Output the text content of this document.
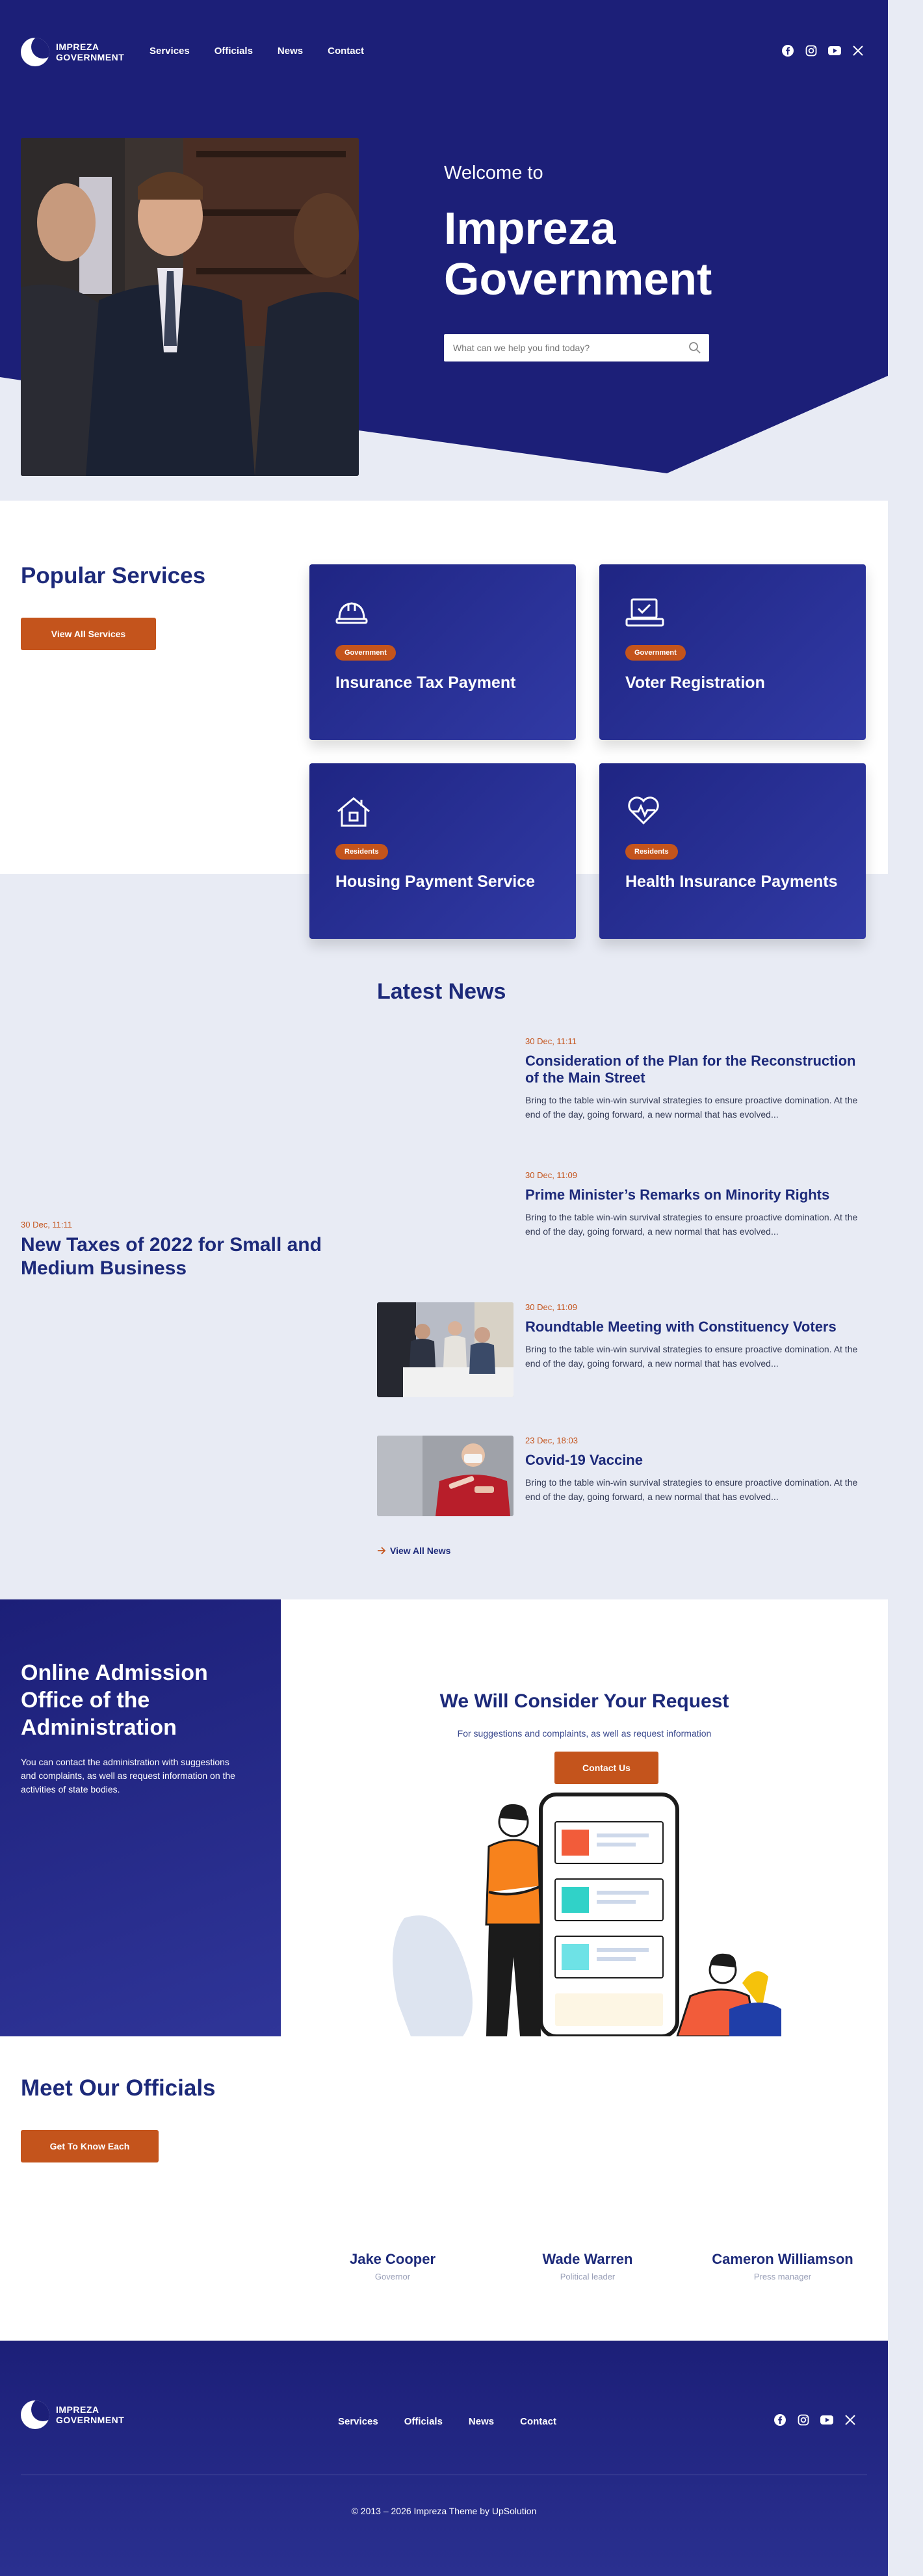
IMPREZA
GOVERNMENT
Services	Officials	News	Contact
Welcome to
Impreza
Government
What can we help you find today?
Popular Services
View All Services
Government
Insurance Tax Payment
Government
Voter Registration
Residents
Housing Payment Service
Residents
Health Insurance Payments
Latest News
30 Dec, 11:11
New Taxes of 2022 for Small and Medium Business
30 Dec, 11:11
Consideration of the Plan for the Reconstruction of the Main Street
Bring to the table win-win survival strategies to ensure proactive domination. At the end of the day, going forward, a new normal that has evolved...
30 Dec, 11:09
Prime Minister’s Remarks on Minority Rights
Bring to the table win-win survival strategies to ensure proactive domination. At the end of the day, going forward, a new normal that has evolved...
30 Dec, 11:09
Roundtable Meeting with Constituency Voters
Bring to the table win-win survival strategies to ensure proactive domination. At the end of the day, going forward, a new normal that has evolved...
23 Dec, 18:03
Covid-19 Vaccine
Bring to the table win-win survival strategies to ensure proactive domination. At the end of the day, going forward, a new normal that has evolved...
View All News
Online Admission Office of the Administration
You can contact the administration with suggestions and complaints, as well as request information on the activities of state bodies.
We Will Consider Your Request
For suggestions and complaints, as well as request information
Contact Us
Meet Our Officials
Get To Know Each
Jake Cooper
Governor
Wade Warren
Political leader
Cameron Williamson
Press manager
IMPREZA
GOVERNMENT	Services	Officials	News	Contact
© 2013 – 2026 Impreza Theme by UpSolution
